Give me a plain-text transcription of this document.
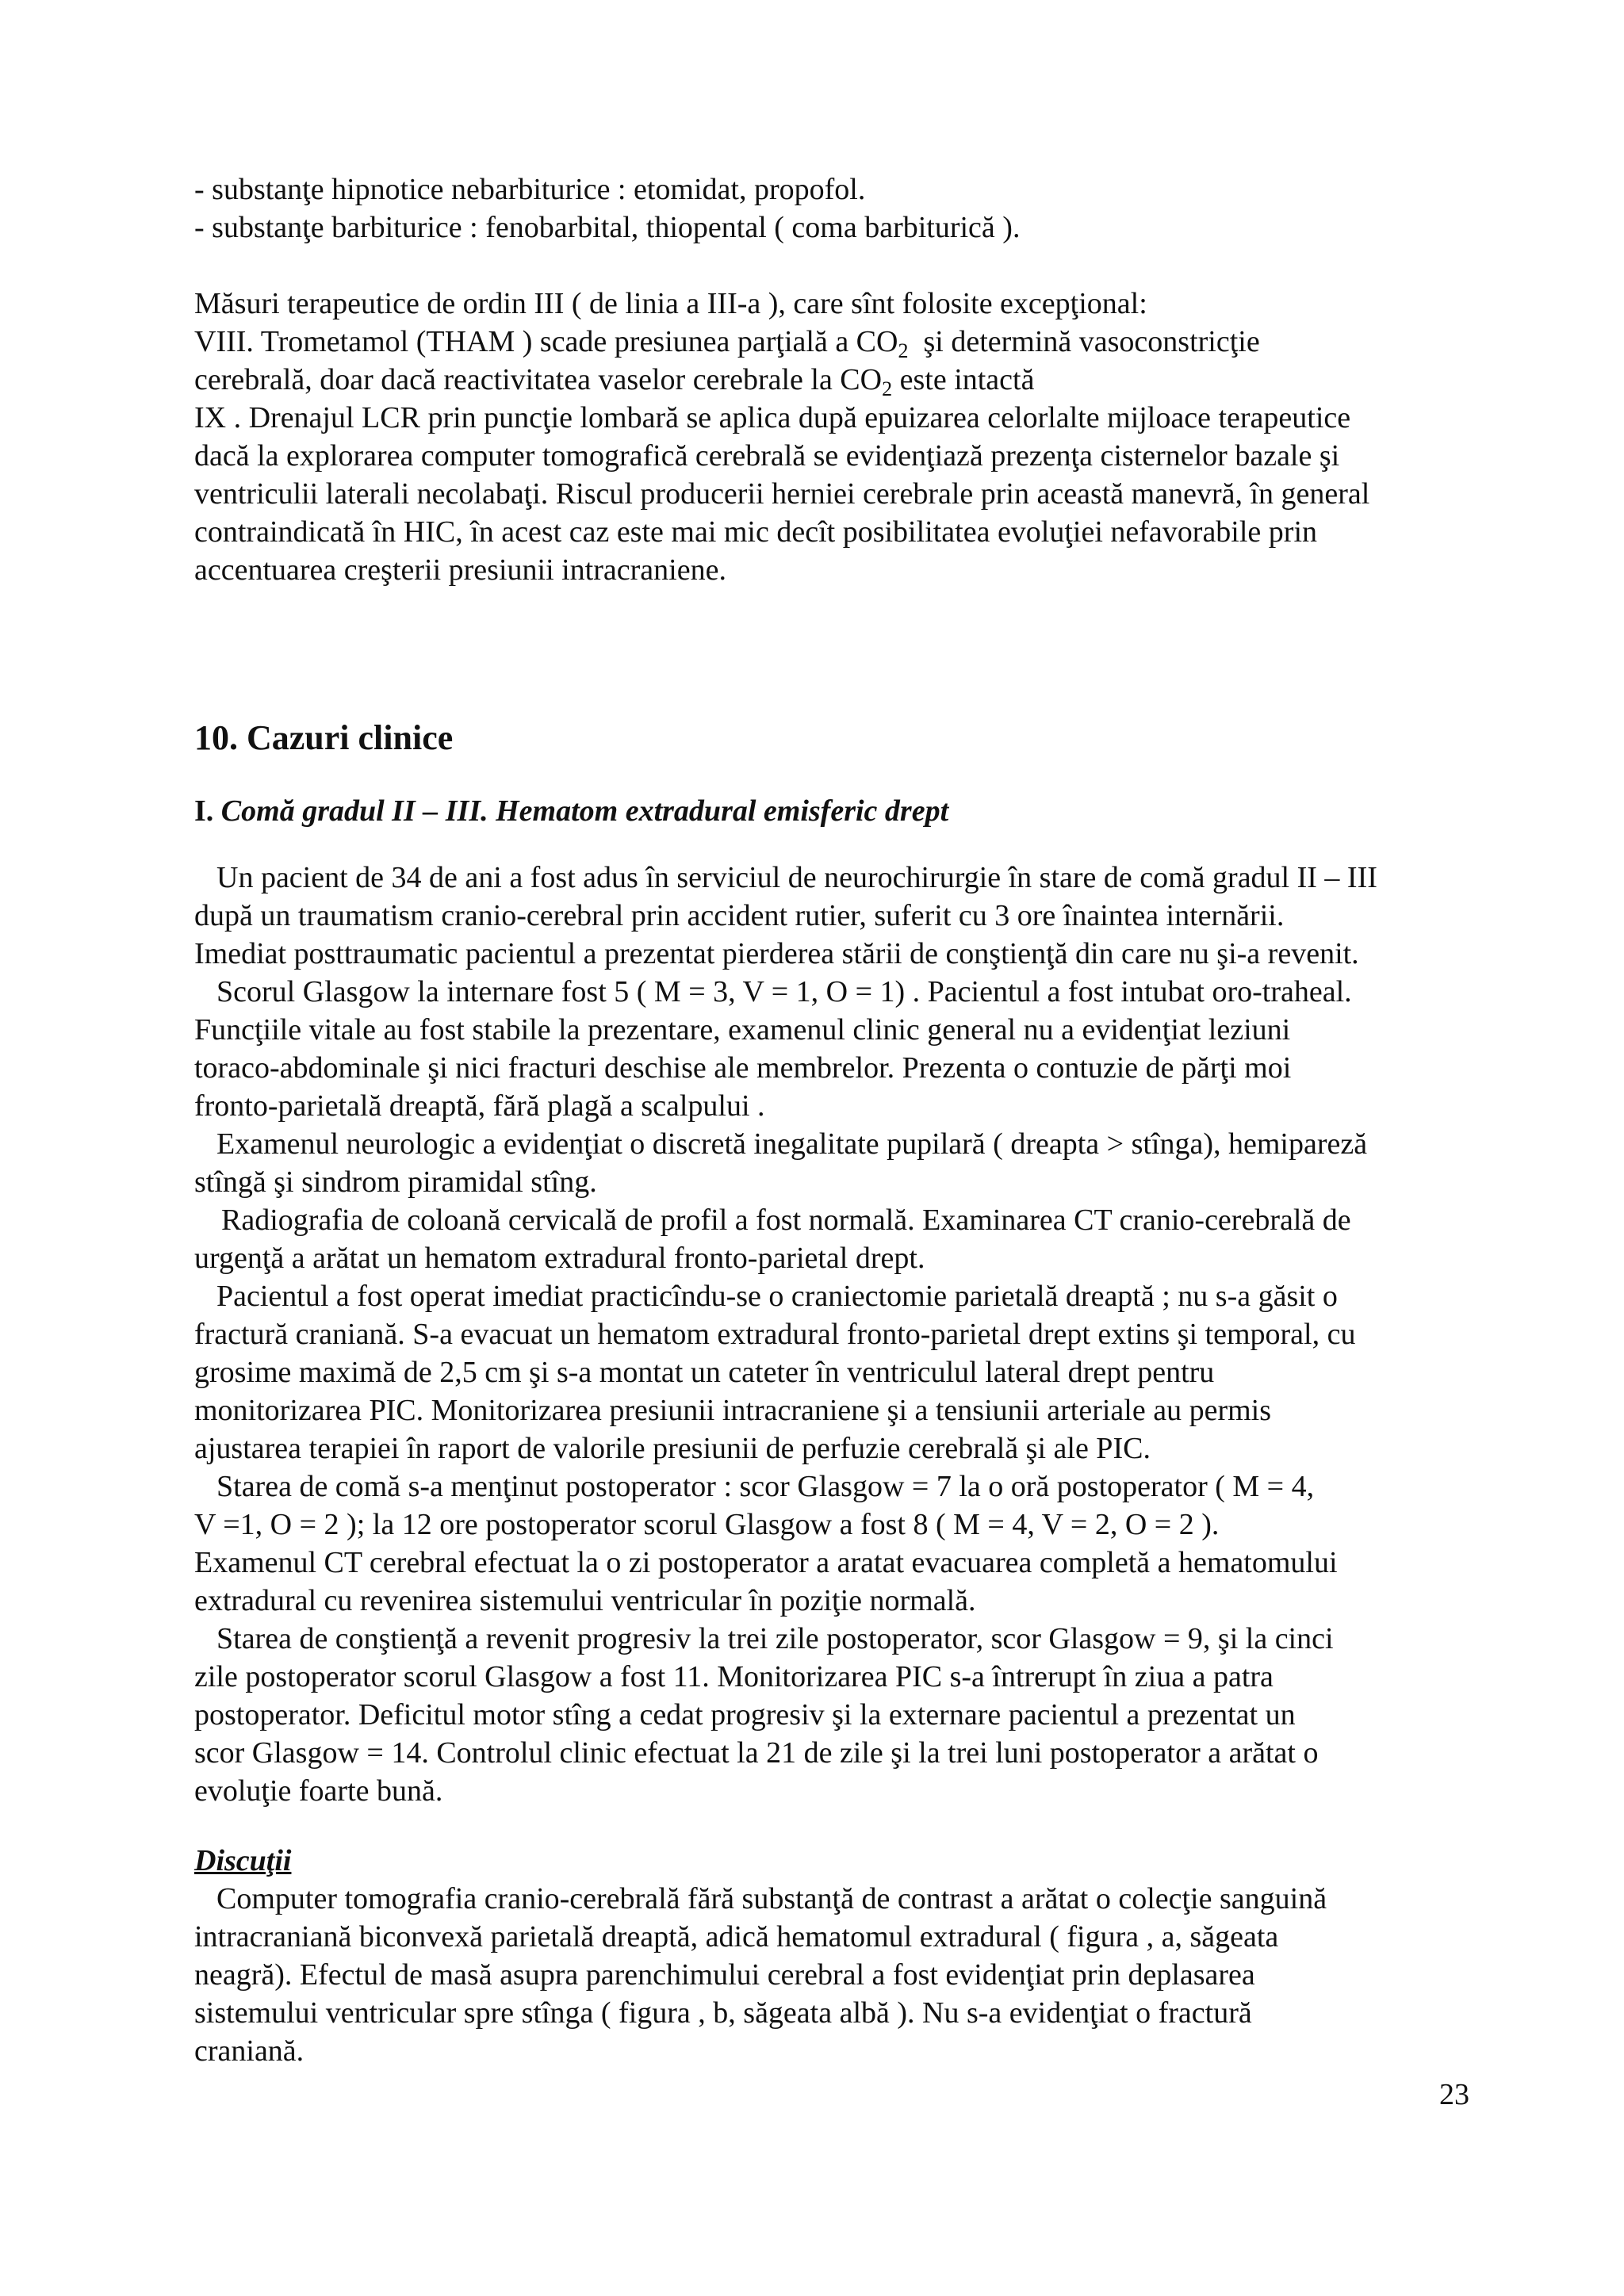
- substanţe hipnotice nebarbiturice : etomidat, propofol.
- substanţe barbiturice : fenobarbital, thiopental ( coma barbiturică ).
Măsuri terapeutice de ordin III ( de linia a III-a ), care sînt folosite excepţional:
VIII. Trometamol (THAM ) scade presiunea parţială a $CO_2$  şi determină vasoconstricţie
cerebrală, doar dacă reactivitatea vaselor cerebrale la $CO_2$ este intactă
IX . Drenajul LCR prin puncţie lombară se aplica după epuizarea celorlalte mijloace terapeutice
dacă la explorarea computer tomografică cerebrală se evidenţiază prezenţa cisternelor bazale şi
ventriculii laterali necolabaţi. Riscul producerii herniei cerebrale prin această manevră, în general
contraindicată în HIC, în acest caz este mai mic decît posibilitatea evoluţiei nefavorabile prin
accentuarea creşterii presiunii intracraniene.
10. Cazuri clinice
I. Comă gradul II – III. Hematom extradural emisferic drept
Un pacient de 34 de ani a fost adus în serviciul de neurochirurgie în stare de comă gradul II – III
după un traumatism cranio-cerebral prin accident rutier, suferit cu 3 ore înaintea internării.
Imediat posttraumatic pacientul a prezentat pierderea stării de conştienţă din care nu şi-a revenit.
Scorul Glasgow la internare fost 5 ( M = 3, V = 1, O = 1) . Pacientul a fost intubat oro-traheal.
Funcţiile vitale au fost stabile la prezentare, examenul clinic general nu a evidenţiat leziuni
toraco-abdominale şi nici fracturi deschise ale membrelor. Prezenta o contuzie de părţi moi
fronto-parietală dreaptă, fără plagă a scalpului .
Examenul neurologic a evidenţiat o discretă inegalitate pupilară ( dreapta > stînga), hemipareză
stîngă şi sindrom piramidal stîng.
Radiografia de coloană cervicală de profil a fost normală. Examinarea CT cranio-cerebrală de
urgenţă a arătat un hematom extradural fronto-parietal drept.
Pacientul a fost operat imediat practicîndu-se o craniectomie parietală dreaptă ; nu s-a găsit o
fractură craniană. S-a evacuat un hematom extradural fronto-parietal drept extins şi temporal, cu
grosime maximă de 2,5 cm şi s-a montat un cateter în ventriculul lateral drept pentru
monitorizarea PIC. Monitorizarea presiunii intracraniene şi a tensiunii arteriale au permis
ajustarea terapiei în raport de valorile presiunii de perfuzie cerebrală şi ale PIC.
Starea de comă s-a menţinut postoperator : scor Glasgow = 7 la o oră postoperator ( M = 4,
V =1, O = 2 ); la 12 ore postoperator scorul Glasgow a fost 8 ( M = 4, V = 2, O = 2 ).
Examenul CT cerebral efectuat la o zi postoperator a aratat evacuarea completă a hematomului
extradural cu revenirea sistemului ventricular în poziţie normală.
Starea de conştienţă a revenit progresiv la trei zile postoperator, scor Glasgow = 9, şi la cinci
zile postoperator scorul Glasgow a fost 11. Monitorizarea PIC s-a întrerupt în ziua a patra
postoperator. Deficitul motor stîng a cedat progresiv şi la externare pacientul a prezentat un
scor Glasgow = 14. Controlul clinic efectuat la 21 de zile şi la trei luni postoperator a arătat o
evoluţie foarte bună.
Discuţii
Computer tomografia cranio-cerebrală fără substanţă de contrast a arătat o colecţie sanguină
intracraniană biconvexă parietală dreaptă, adică hematomul extradural ( figura , a, săgeata
neagră). Efectul de masă asupra parenchimului cerebral a fost evidenţiat prin deplasarea
sistemului ventricular spre stînga ( figura , b, săgeata albă ). Nu s-a evidenţiat o fractură
craniană.
23
